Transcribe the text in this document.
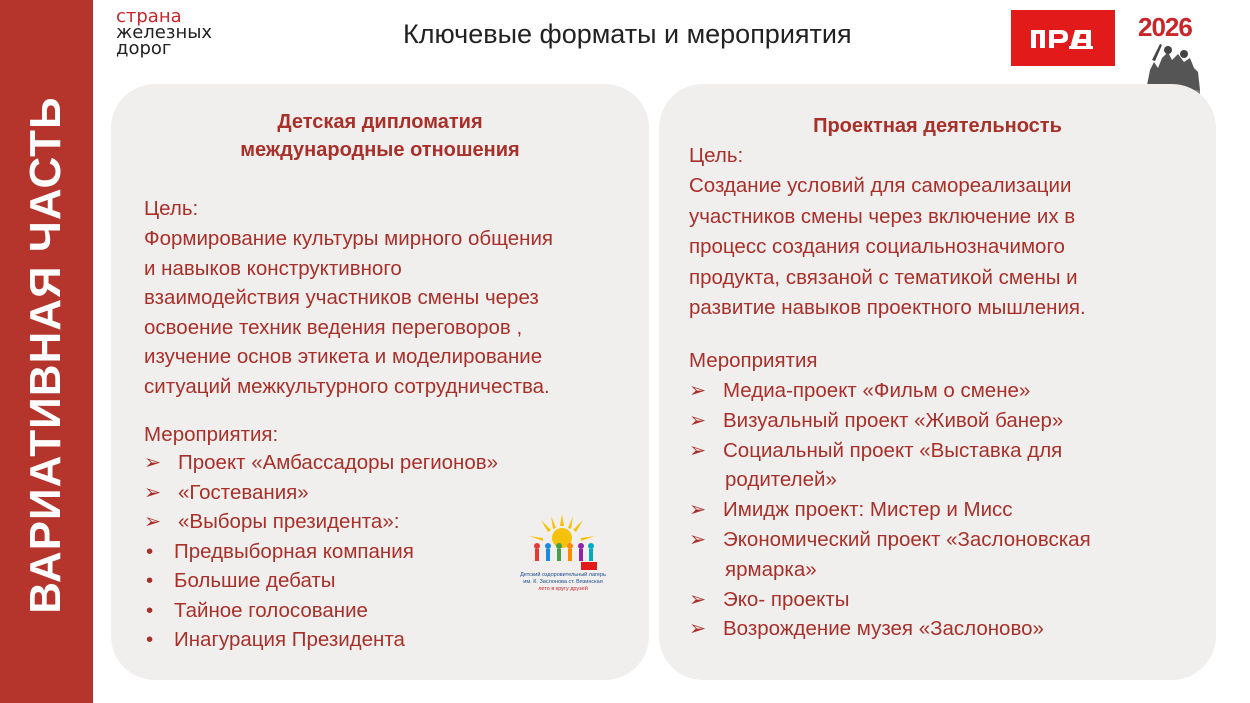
ВАРИАТИВНАЯ ЧАСТЬ
страна
железных
дорог	Ключевые форматы и мероприятия	2026
Детская дипломатия
международные отношения
Цель:
Формирование культуры мирного общения
и навыков конструктивного
взаимодействия участников смены через
освоение техник ведения переговоров ,
изучение основ этикета и моделирование
ситуаций межкультурного сотрудничества.
Мероприятия:
➢ Проект «Амбассадоры регионов»
➢ «Гостевания»
➢ «Выборы президента»:
• Предвыборная компания
• Большие дебаты
• Тайное голосование
• Инагурация Президента
Детский оздоровительный лагерь
им. К. Заслонова ст. Вязинская
лето в кругу друзей
Проектная деятельность
Цель:
Создание условий для самореализации
участников смены через включение их в
процесс создания социальнозначимого
продукта, связаной с тематикой смены и
развитие навыков проектного мышления.
Мероприятия
➢ Медиа-проект «Фильм о смене»
➢ Визуальный проект «Живой банер»
➢ Социальный проект «Выставка для
родителей»
➢ Имидж проект: Мистер и Мисс
➢ Экономический проект «Заслоновская
ярмарка»
➢ Эко- проекты
➢ Возрождение музея «Заслоново»
